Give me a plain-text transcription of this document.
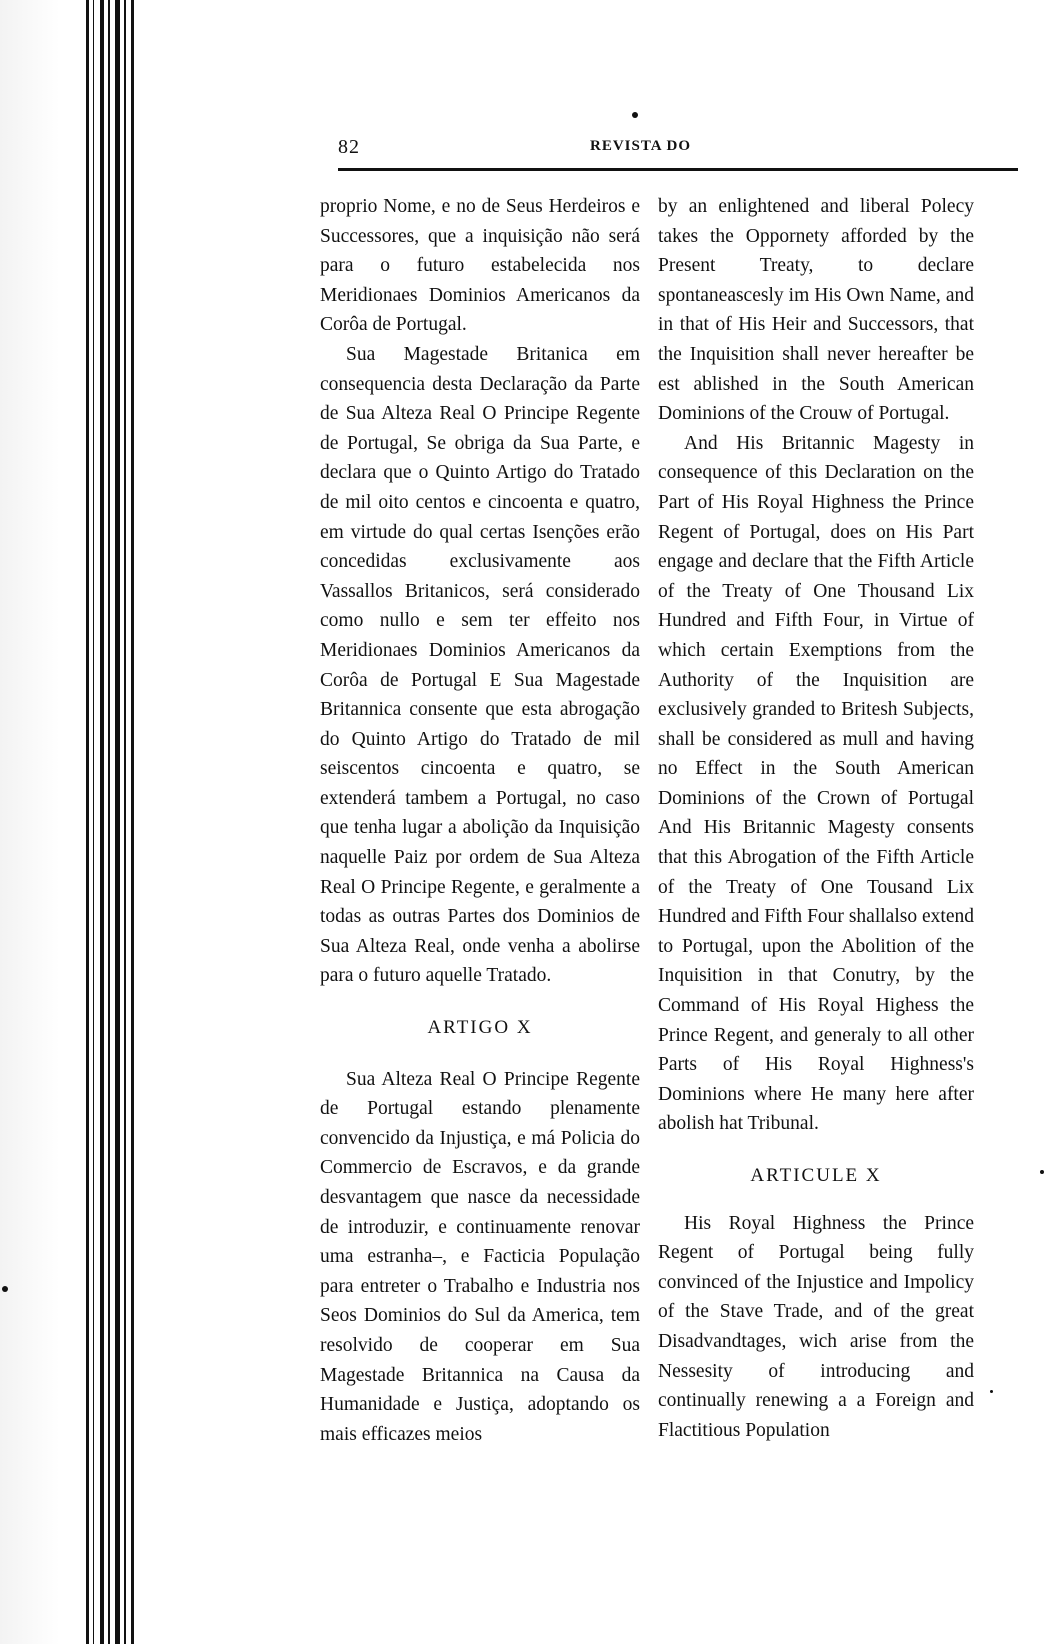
82	REVISTA DO

proprio Nome, e no de Seus Herdeiros e Successores, que a inquisição não será para o futuro estabelecida nos Meridionaes Dominios Americanos da Corôa de Portugal.

Sua Magestade Britanica em consequencia desta Declaração da Parte de Sua Alteza Real O Principe Regente de Portugal, Se obriga da Sua Parte, e declara que o Quinto Artigo do Tratado de mil oito centos e cincoenta e quatro, em virtude do qual certas Isenções erão concedidas exclusivamente aos Vassallos Britanicos, será considerado como nullo e sem ter effeito nos Meridionaes Dominios Americanos da Corôa de Portugal E Sua Magestade Britannica consente que esta abrogação do Quinto Artigo do Tratado de mil seiscentos cincoenta e quatro, se extenderá tambem a Portugal, no caso que tenha lugar a abolição da Inquisição naquelle Paiz por ordem de Sua Alteza Real O Principe Regente, e geralmente a todas as outras Partes dos Dominios de Sua Alteza Real, onde venha a abolirse para o futuro aquelle Tratado.

ARTIGO X

Sua Alteza Real O Principe Regente de Portugal estando plenamente convencido da Injustiça, e má Policia do Commercio de Escravos, e da grande desvantagem que nasce da necessidade de introduzir, e continuamente renovar uma estranha–, e Facticia População para entreter o Trabalho e Industria nos Seos Dominios do Sul da America, tem resolvido de cooperar em Sua Magestade Britannica na Causa da Humanidade e Justiça, adoptando os mais efficazes meios

by an enlightened and liberal Polecy takes the Oppornety afforded by the Present Treaty, to declare spontaneascesly im His Own Name, and in that of His Heir and Successors, that the Inquisition shall never hereafter be est ablished in the South American Dominions of the Crouw of Portugal.

And His Britannic Magesty in consequence of this Declaration on the Part of His Royal Highness the Prince Regent of Portugal, does on His Part engage and declare that the Fifth Article of the Treaty of One Thousand Lix Hundred and Fifth Four, in Virtue of which certain Exemptions from the Authority of the Inquisition are exclusively granded to Britesh Subjects, shall be considered as mull and having no Effect in the South American Dominions of the Crown of Portugal And His Britannic Magesty consents that this Abrogation of the Fifth Article of the Treaty of One Tousand Lix Hundred and Fifth Four shallalso extend to Portugal, upon the Abolition of the Inquisition in that Conutry, by the Command of His Royal Highess the Prince Regent, and generaly to all other Parts of His Royal Highness's Dominions where He many here after abolish hat Tribunal.

ARTICULE X

His Royal Highness the Prince Regent of Portugal being fully convinced of the Injustice and Impolicy of the Stave Trade, and of the great Disadvandtages, wich arise from the Nessesity of introducing and continually renewing a a Foreign and Flactitious Population
